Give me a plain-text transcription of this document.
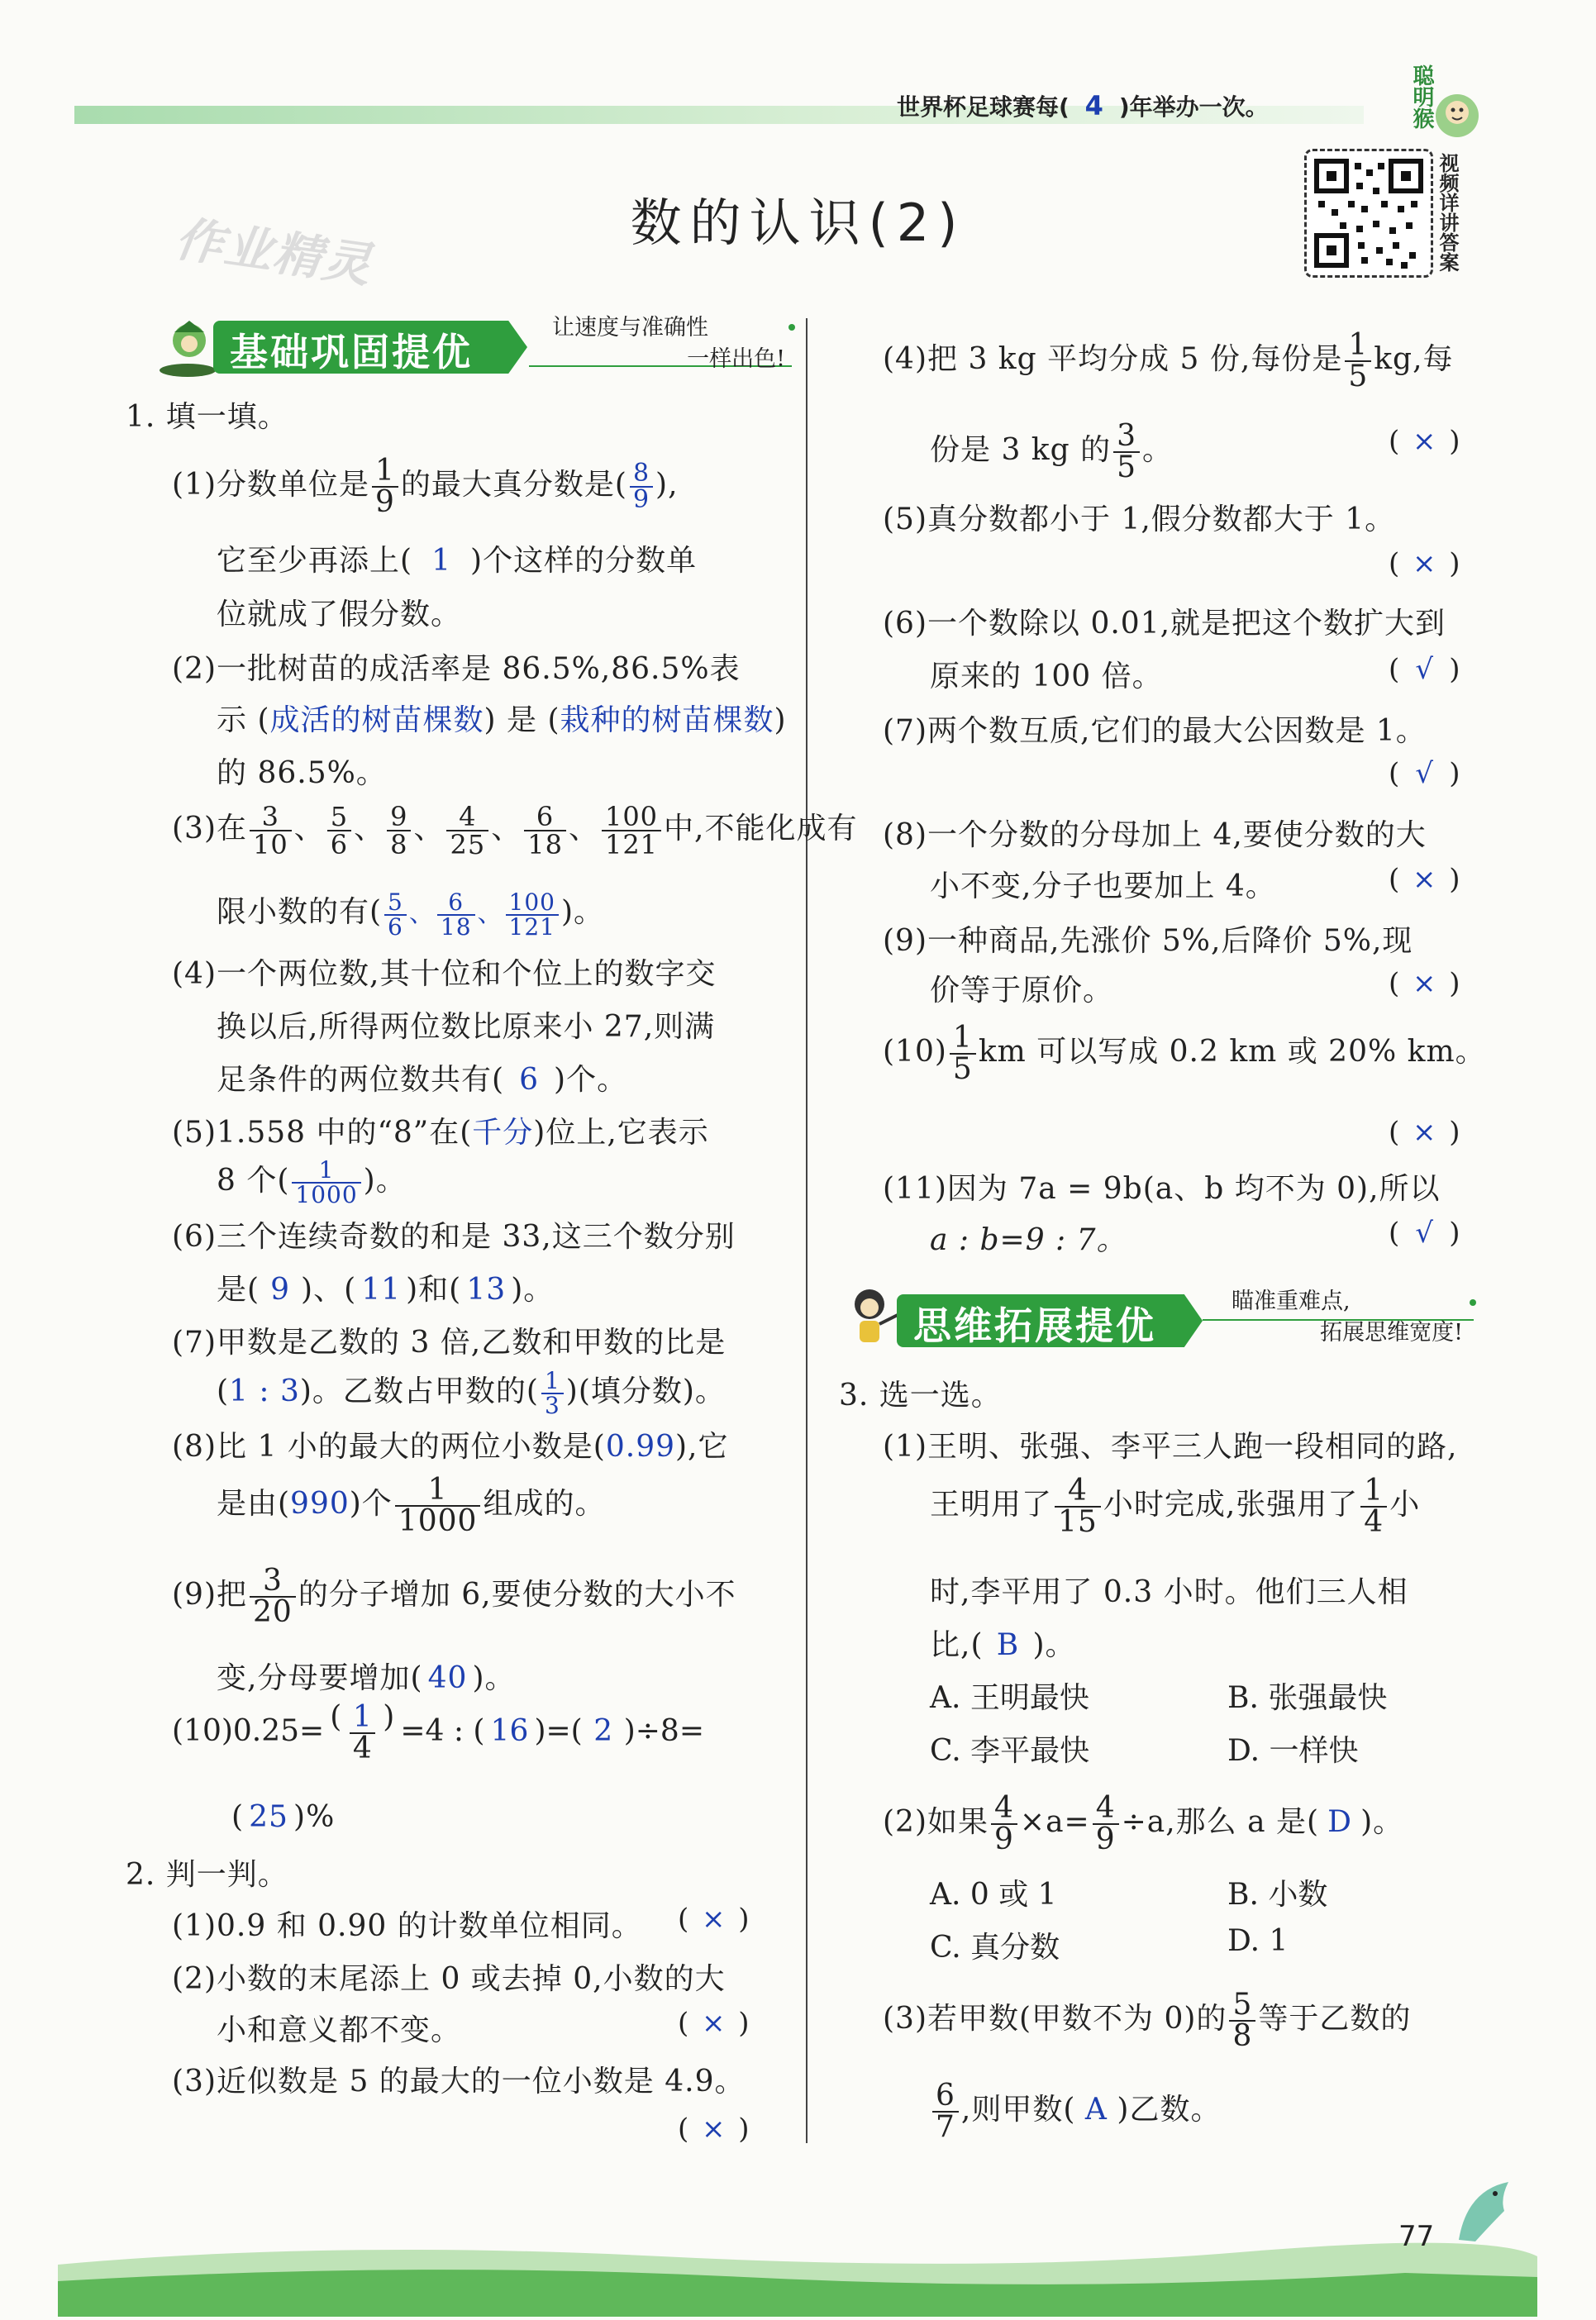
世界杯足球赛每( 4 )年举办一次。	聪明猴
视频详讲答案
作业精灵	数的认识(2)
基础巩固提优
让速度与准确性
一样出色!
1. 填一填。
(1)分数单位是 $\frac{1}{9}$ 的最大真分数是( $\frac{8}{9}$ ),
它至少再添上( 1 )个这样的分数单
位就成了假分数。
(2)一批树苗的成活率是 86.5%,86.5%表
示 (成活的树苗棵数) 是 (栽种的树苗棵数)
的 86.5%。
(3)在 $\frac{3}{10}$ 、 $\frac{5}{6}$ 、 $\frac{9}{8}$ 、 $\frac{4}{25}$ 、 $\frac{6}{18}$ 、 $\frac{100}{121}$ 中,不能化成有
限小数的有( $\frac{5}{6}$ 、 $\frac{6}{18}$ 、 $\frac{100}{121}$ )。
(4)一个两位数,其十位和个位上的数字交
换以后,所得两位数比原来小 27,则满
足条件的两位数共有( 6 )个。
(5)1.558 中的“8”在(千分)位上,它表示
8 个( $\frac{1}{1000}$ )。
(6)三个连续奇数的和是 33,这三个数分别
是( 9 )、( 11 )和( 13 )。
(7)甲数是乙数的 3 倍,乙数和甲数的比是
(1 : 3)。乙数占甲数的( $\frac{1}{3}$ )(填分数)。
(8)比 1 小的最大的两位小数是(0.99),它
是由(990)个 $\frac{1}{1000}$ 组成的。
(9)把 $\frac{3}{20}$ 的分子增加 6,要使分数的大小不
变,分母要增加( 40 )。
$(10)0.25= \frac{( 1 )}{4} =4$ : ( 16 )=( 2 )÷8=
( 25 )%
2. 判一判。
(1)0.9 和 0.90 的计数单位相同。 ( × )
(2)小数的末尾添上 0 或去掉 0,小数的大
小和意义都不变。	( × )
(3)近似数是 5 的最大的一位小数是 4.9。
( × )
(4)把 3 kg 平均分成 5 份,每份是 $\frac{1}{5}$ kg,每
份是 3 kg 的 $\frac{3}{5}$ 。	( × )
(5)真分数都小于 1,假分数都大于 1。
( × )
(6)一个数除以 0.01,就是把这个数扩大到
原来的 100 倍。	( √ )
(7)两个数互质,它们的最大公因数是 1。
( √ )
(8)一个分数的分母加上 4,要使分数的大
小不变,分子也要加上 4。	( × )
(9)一种商品,先涨价 5%,后降价 5%,现
价等于原价。	( × )
$(10) \frac{1}{5}$ km 可以写成 0.2 km 或 20% km。
( × )
(11)因为 7a = 9b(a、b 均不为 0),所以
a : b=9 : 7。	( √ )
思维拓展提优
瞄准重难点,
拓展思维宽度!
3. 选一选。
(1)王明、张强、李平三人跑一段相同的路,
王明用了 $\frac{4}{15}$ 小时完成,张强用了 $\frac{1}{4}$ 小
时,李平用了 0.3 小时。他们三人相
比,( B )。
A. 王明最快	B. 张强最快
C. 李平最快	D. 一样快
(2)如果 $\frac{4}{9} \times a= \frac{4}{9} \div a$,那么 a 是( D )。
A. 0 或 1	B. 小数
C. 真分数	D. 1
(3)若甲数(甲数不为 0)的 $\frac{5}{8}$ 等于乙数的
$\frac{6}{7}$ ,则甲数( A )乙数。
77
